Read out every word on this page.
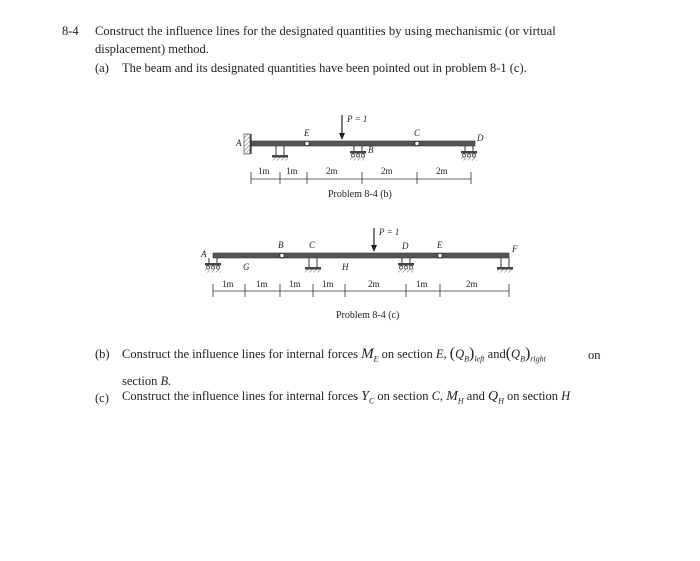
8-4 Construct the influence lines for the designated quantities by using mechanismic (or virtual
displacement) method.
(a) The beam and its designated quantities have been pointed out in problem 8-1 (c).
P = 1
A
E
B
C	D
1m 1m	2m	2m	2m
Problem 8-4 (b)
P = 1
A
G
B	C
H
D	E	F
1m 1m 1m 1m	2m	1m	2m
Problem 8-4 (c)
(b) Construct the influence lines for internal forces $M_E$ on section E, $(Q_B)_{left}$ $and(Q_B)_{right}$	on
section B.
(c) Construct the influence lines for internal forces $Y_C$ on section C, $M_H$ and $Q_H$ on section H
